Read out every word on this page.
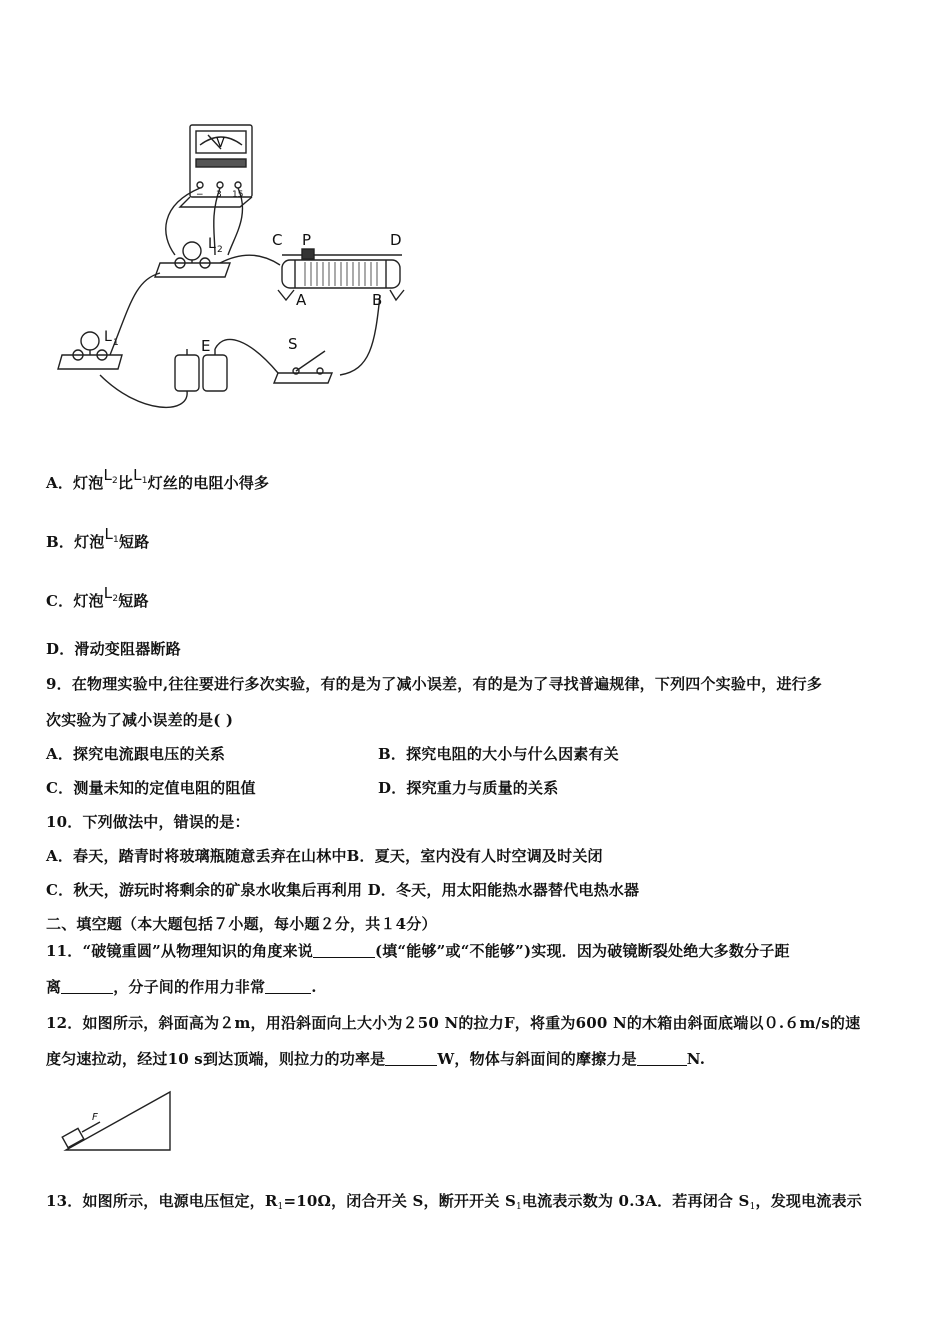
V
− 3 15
L 2
C P	D
A	B
L 1	E	S
A．灯泡$L_2$比$L_1$灯丝的电阻小得多
B．灯泡$L_1$短路
C．灯泡$L_2$短路
D．滑动变阻器断路
9．在物理实验中,往往要进行多次实验，有的是为了减小误差，有的是为了寻找普遍规律，下列四个实验中，进行多
次实验为了减小误差的是( )
A．探究电流跟电压的关系	B．探究电阻的大小与什么因素有关
C．测量未知的定值电阻的阻值	D．探究重力与质量的关系
10．下列做法中，错误的是：
A．春天，踏青时将玻璃瓶随意丢弃在山林中B．夏天，室内没有人时空调及时关闭
C．秋天，游玩时将剩余的矿泉水收集后再利用 D．冬天，用太阳能热水器替代电热水器
二、填空题（本大题包括７小题，每小题２分，共１4分）
11．“破镜重圆”从物理知识的角度来说	(填“能够”或“不能够”)实现．因为破镜断裂处绝大多数分子距
离	，分子间的作用力非常	.
12．如图所示，斜面高为２m，用沿斜面向上大小为２50 N的拉力F，将重为600 N的木箱由斜面底端以０.６m/s的速
度匀速拉动，经过10 s到达顶端，则拉力的功率是	W，物体与斜面间的摩擦力是	N.
F
13．如图所示，电源电压恒定，$R_1=10\Omega$，闭合开关 S，断开开关 $S_1$电流表示数为 0.3A．若再闭合 $S_1$，发现电流表示
